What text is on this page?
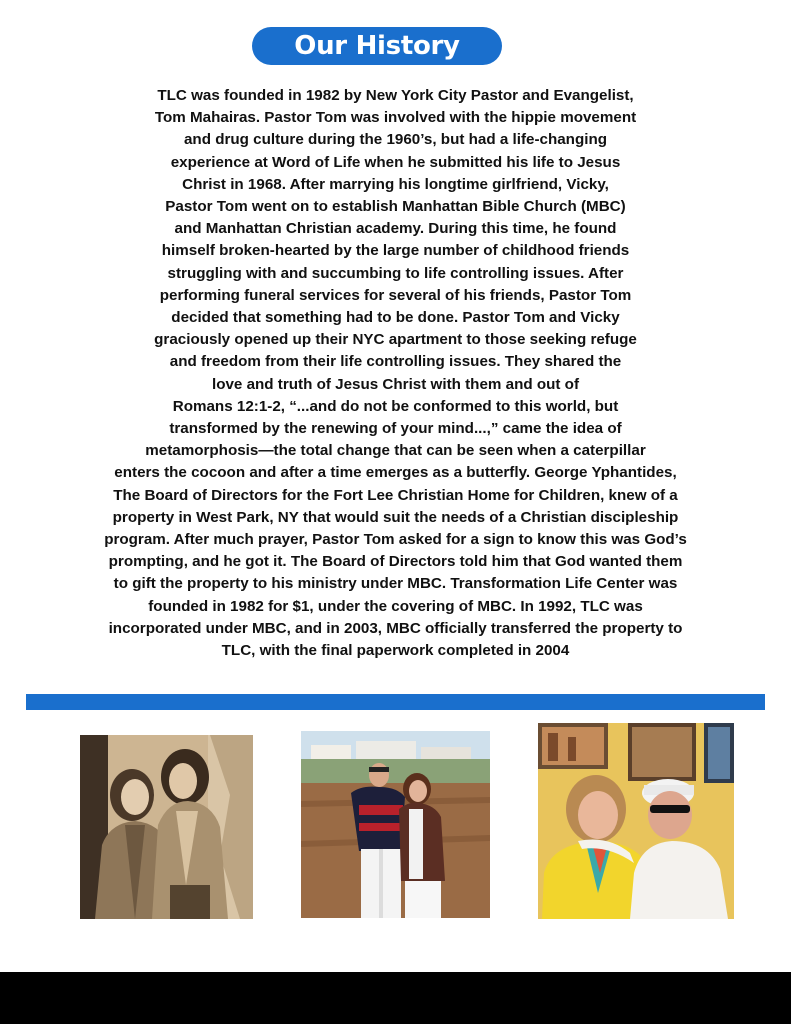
Our History
TLC was founded in 1982 by New York City Pastor and Evangelist,
Tom Mahairas. Pastor Tom was involved with the hippie movement
and drug culture during the 1960’s, but had a life-changing
experience at Word of Life when he submitted his life to Jesus
Christ in 1968. After marrying his longtime girlfriend, Vicky,
Pastor Tom went on to establish Manhattan Bible Church (MBC)
and Manhattan Christian academy. During this time, he found
himself broken-hearted by the large number of childhood friends
struggling with and succumbing to life controlling issues. After
performing funeral services for several of his friends, Pastor Tom
decided that something had to be done. Pastor Tom and Vicky
graciously opened up their NYC apartment to those seeking refuge
and freedom from their life controlling issues. They shared the
love and truth of Jesus Christ with them and out of
Romans 12:1-2, “...and do not be conformed to this world, but
transformed by the renewing of your mind...,” came the idea of
metamorphosis—the total change that can be seen when a caterpillar
enters the cocoon and after a time emerges as a butterfly. George Yphantides,
The Board of Directors for the Fort Lee Christian Home for Children, knew of a
property in West Park, NY that would suit the needs of a Christian discipleship
program. After much prayer, Pastor Tom asked for a sign to know this was God’s
prompting, and he got it. The Board of Directors told him that God wanted them
to gift the property to his ministry under MBC. Transformation Life Center was
founded in 1982 for $1, under the covering of MBC. In 1992, TLC was
incorporated under MBC, and in 2003, MBC officially transferred the property to
TLC, with the final paperwork completed in 2004
